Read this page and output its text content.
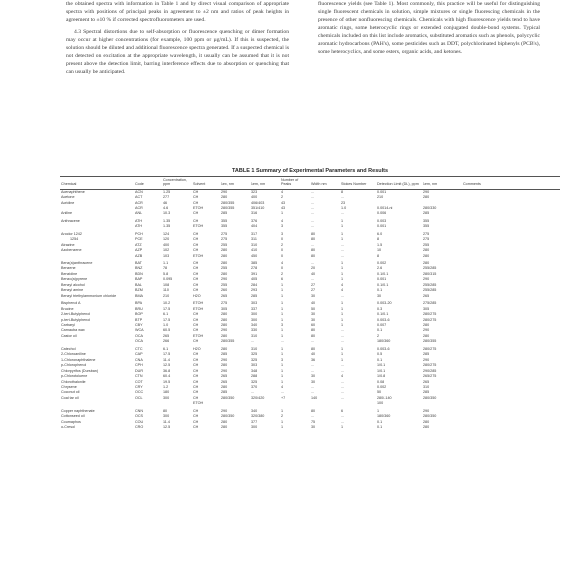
the obtained spectra with information in Table 1 and by direct visual comparison of appropriate spectra with positions of principal peaks in agreement to ±2 nm and ratios of peak heights in agreement to ±10 % if corrected spectrofluorometers are used.

4.3 Spectral distortions due to self-absorption or fluorescence quenching or dimer formation may occur at higher concentrations (for example, 100 ppm or µg/mL). If this is suspected, the solution should be diluted and additional fluorescence spectra generated. If a suspected chemical is not detected on excitation at the appropriate wavelength, it usually can be assumed that it is not present above the detection limit, barring interference effects due to absorption or quenching that can usually be anticipated.

fluorescence yields (see Table 1). Most commonly, this practice will be useful for distinguishing single fluorescent chemicals in solution, simple mixtures or single fluorescing chemicals in the presence of other nonfluorescing chemicals. Chemicals with high fluorescence yields tend to have aromatic rings, some heterocyclic rings or extended conjugated double-bond systems. Typical chemicals included on this list include aromatics, substituted aromatics such as phenols, polycyclic aromatic hydrocarbons (PAH's), some pesticides such as DDT, polychlorinated biphenyls (PCB's), some heterocyclics, and some esters, organic acids, and ketones.

TABLE 1 Summary of Experimental Parameters and Results
Chemical	Code	Concentration, ppm	Solvent	λex, nm	λem, nm	Number of Peaks	Width nm	Stokes Number	Detection Limit (DL), ppm	λem, nm	Comments
Acenaphthene	ACN	1.25	CH	290	323	4	...	8	0.001	290	
Acetone	ACT	277	CH	280	400	2	...	...	210	280	
Acridine	ACR	46	CH	280/355	406/403	43	...	23			
	ACR	4.6	ETOH	280/355	351/410	43	...	1.0	0.0014-ni	280/330	
Aniline	ANL	10.3	CH	285	316	1	...	...	0.006	285	
Anthracene	ATH	1.35	CH	355	376	4	...	1	0.003	355	
	ATH	1.35	ETOH	355	404	3	...	1	0.001	355	
Aroclor 1242	PCH	124	CH	275	317	3	80	1	6.0	275	
1254	PCE	120	CH	275	311	0	80	1	8	275	
Atrazine	ATZ	400	CH	255	310	2	...	...	1.5	255	
Azobenzene	AZP	102	CH	280	410	0	80	...	10	280	
	AZB	103	ETOH	280	450	0	80	...	8	280	
Benz(a)anthracene	BAT	1.1	CH	280	385	4	...	1	0.002	280	
Benzene	BNZ	78	CH	255	278	0	20	1	2.6	255/285	
Benzidine	BDN	5.8	CH	280	391	2	40	1	0.1/0.1	280/315	
Benzo(a)pyrene	BAP	0.095	CH	290	405	6	...	1	0.001	290	
Benzyl alcohol	BAL	108	CH	255	284	1	27	4	0.1/0.1	255/285	
Benzyl amine	BZM	110	CH	260	293	1	27	4	0.1	255/285	
Benzyl triethylammonium chloride	BMA	210	H2O	265	285	1	30	...	30	265	
Bisphenol A	BPA	10.2	ETOH	275	303	1	40	1	0.003-20	275/285	
Brucine	BRU	17.5	ETOH	305	337	1	50	1	0.3	305	
2-tert-Butylphenol	BOP	6.1	CH	280	300	1	30	1	0.1/0.1	280/275	
p-tert-Butylphenol	BTP	17.5	CH	280	300	1	30	1	0.003-6	280/275	
Carbaryl	CBY	1.0	CH	280	340	3	60	1	0.007	280	
Carnauba wax	WCA	60.5	CH	290	330	1	80	...	0.1	290	
Castor oil	OCA	265	ETOH	280	310	1	80	...	2	280	
	OCA	266	CH	280/355	...	...	...	...	180/360	280/355	
Catechol	CTC	6.1	H2O	280	310	1	80	1	0.003-6	280/275	
2-Chloroaniline	CAP	17.5	CH	285	325	1	40	1	0.5	285	
1-Chloronaphthalene	CNA	11.4	CH	290	325	3	36	1	0.1	290	
p-Chlorophenol	CPH	12.5	CH	280	303	1	...	...	1/0.1	280/275	
Chlorpyrifos (Dursban)	DUR	36.8	CH	290	348	1	...	...	1/0.1	290/285	
p-Chlorotoluene	CTN	60.4	CH	265	288	1	30	4	1/0.8	265/275	
Chlorothalonile	COT	19.5	CH	265	325	1	30	...	0.08	265	
Chrysene	CRY	1.2	CH	280	370	4	...	...	0.002	310	
Coconut oil	OCC	180	CH	285	...	...	...	...	50	285	
Coal tar oil	OCL	300	CH	280/350	320/420	+7	140	...	280/-140	280/350	
			ETOH						100		
Copper naphthenate	CNN	80	CH	290	340	1	80	6	1	290	
Cottonseed oil	OCS	300	CH	280/350	320/380	2	...	...	180/360	280/350	
Coumaphos	COU	11.4	CH	280	377	1	75	...	0.1	280	
o-Cresol	CRO	12.5	CH	280	300	1	30	1	0.1	280	
